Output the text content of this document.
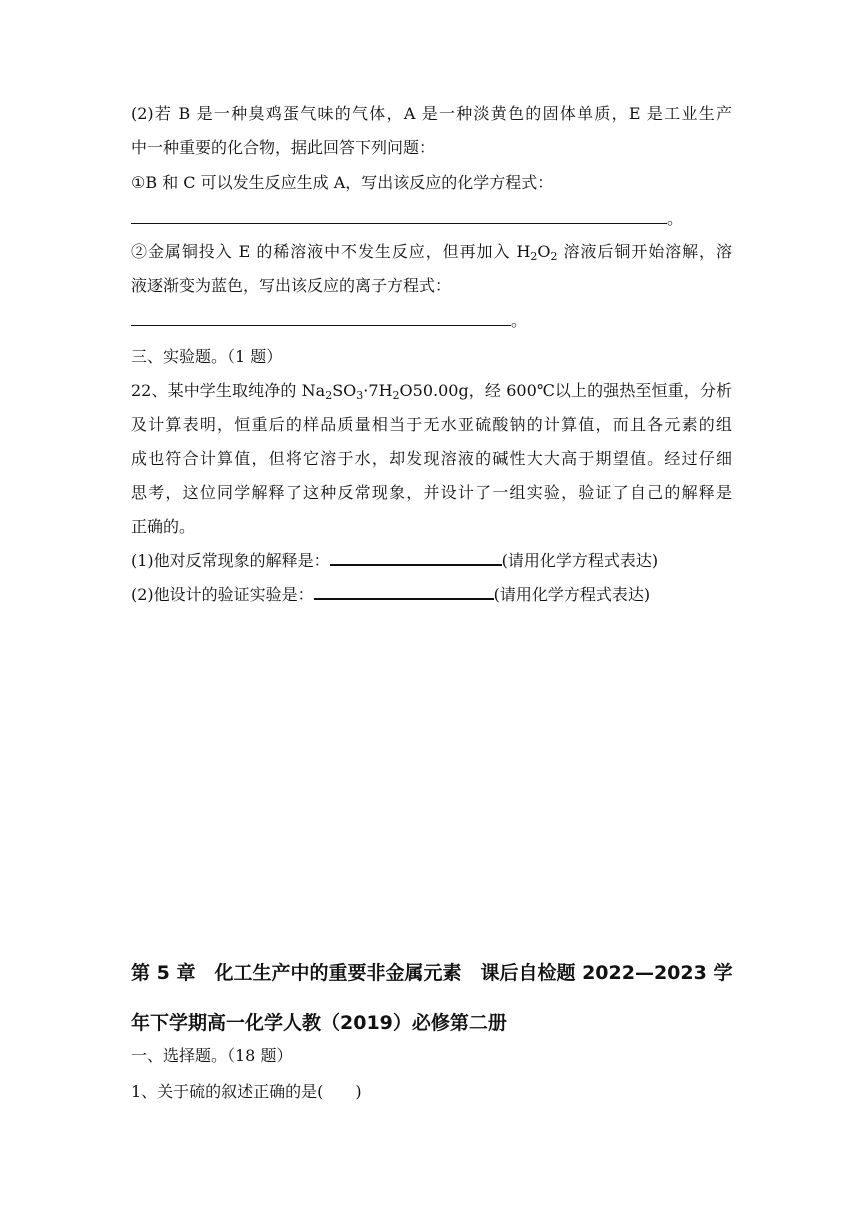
(2)若 B 是一种臭鸡蛋气味的气体，A 是一种淡黄色的固体单质，E 是工业生产
中一种重要的化合物，据此回答下列问题：
①B 和 C 可以发生反应生成 A，写出该反应的化学方程式：
。
②金属铜投入 E 的稀溶液中不发生反应，但再加入 $H_2O_2$ 溶液后铜开始溶解，溶
液逐渐变为蓝色，写出该反应的离子方程式：
。
三、实验题。（1 题）
22、某中学生取纯净的 $Na_2SO_3\cdot 7H_2O50.00g$，经 600℃以上的强热至恒重，分析
及计算表明，恒重后的样品质量相当于无水亚硫酸钠的计算值，而且各元素的组
成也符合计算值，但将它溶于水，却发现溶液的碱性大大高于期望值。经过仔细
思考，这位同学解释了这种反常现象，并设计了一组实验，验证了自己的解释是
正确的。
(1)他对反常现象的解释是：	(请用化学方程式表达)
(2)他设计的验证实验是：	(请用化学方程式表达)
第 5 章　化工生产中的重要非金属元素　课后自检题 2022—2023 学
年下学期高一化学人教（2019）必修第二册
一、选择题。（18 题）
1、关于硫的叙述正确的是(　　)
